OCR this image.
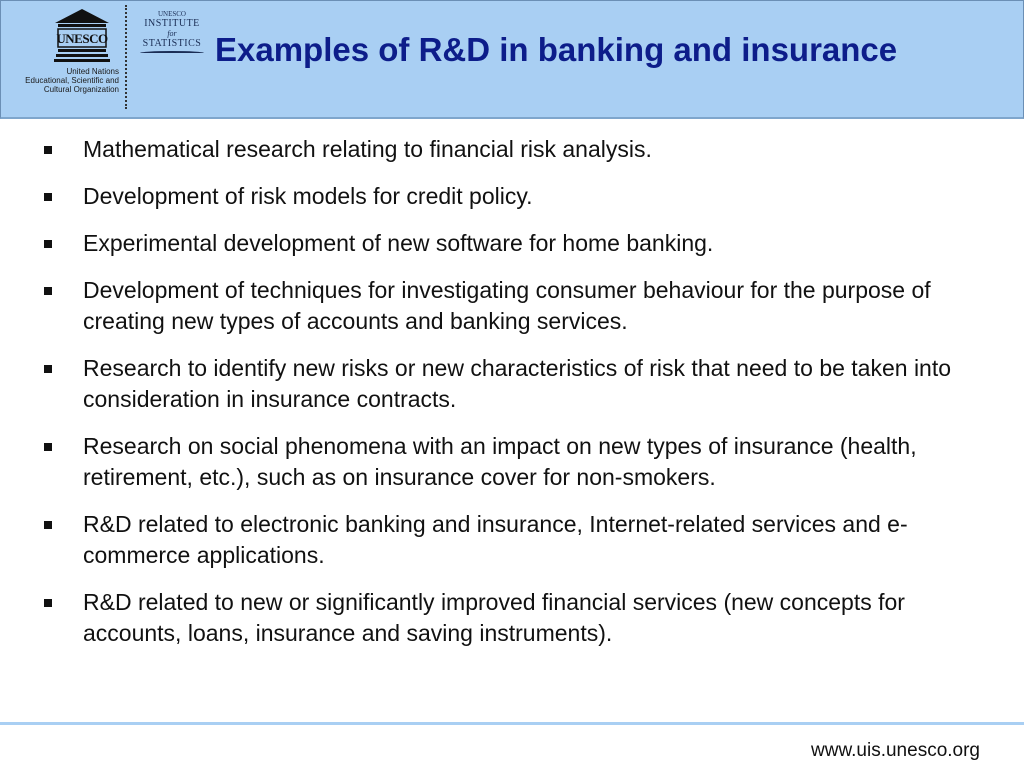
UNESCO
United Nations
Educational, Scientific and
Cultural Organization
UNESCO
INSTITUTE
for
STATISTICS Examples of R&D in banking and insurance
Mathematical research relating to financial risk analysis.
Development of risk models for credit policy.
Experimental development of new software for home banking.
Development of techniques for investigating consumer behaviour for the purpose of creating new types of accounts and banking services.
Research to identify new risks or new characteristics of risk that need to be taken into consideration in insurance contracts.
Research on social phenomena with an impact on new types of insurance (health, retirement, etc.), such as on insurance cover for non-smokers.
R&D related to electronic banking and insurance, Internet-related services and e-commerce applications.
R&D related to new or significantly improved financial services (new concepts for accounts, loans, insurance and saving instruments).
www.uis.unesco.org
